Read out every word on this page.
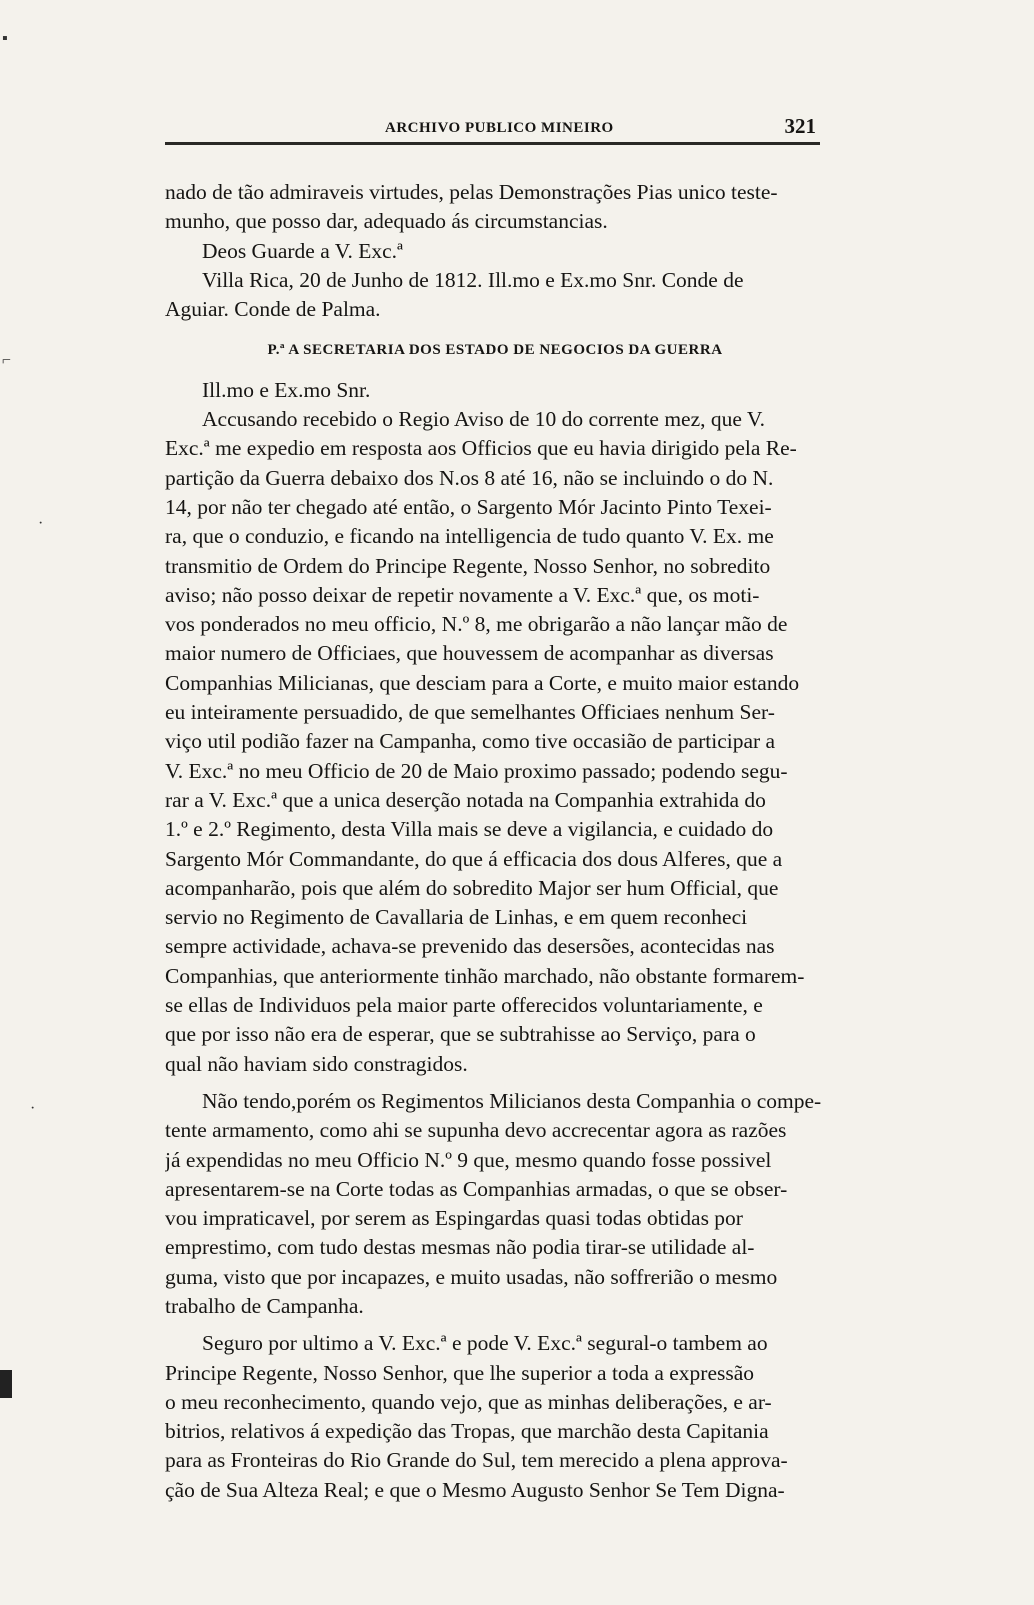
ARCHIVO PUBLICO MINEIRO	321
▪
⌐
·
·
nado de tão admiraveis virtudes, pelas Demonstrações Pias unico teste-
munho, que posso dar, adequado ás circumstancias.
Deos Guarde a V. Exc.ª
Villa Rica, 20 de Junho de 1812. Ill.mo e Ex.mo Snr. Conde de
Aguiar. Conde de Palma.
P.ª A SECRETARIA DOS ESTADO DE NEGOCIOS DA GUERRA
Ill.mo e Ex.mo Snr.
Accusando recebido o Regio Aviso de 10 do corrente mez, que V.
Exc.ª me expedio em resposta aos Officios que eu havia dirigido pela Re-
partição da Guerra debaixo dos N.os 8 até 16, não se incluindo o do N.
14, por não ter chegado até então, o Sargento Mór Jacinto Pinto Texei-
ra, que o conduzio, e ficando na intelligencia de tudo quanto V. Ex. me
transmitio de Ordem do Principe Regente, Nosso Senhor, no sobredito
aviso; não posso deixar de repetir novamente a V. Exc.ª que, os moti-
vos ponderados no meu officio, N.º 8, me obrigarão a não lançar mão de
maior numero de Officiaes, que houvessem de acompanhar as diversas
Companhias Milicianas, que desciam para a Corte, e muito maior estando
eu inteiramente persuadido, de que semelhantes Officiaes nenhum Ser-
viço util podião fazer na Campanha, como tive occasião de participar a
V. Exc.ª no meu Officio de 20 de Maio proximo passado; podendo segu-
rar a V. Exc.ª que a unica deserção notada na Companhia extrahida do
1.º e 2.º Regimento, desta Villa mais se deve a vigilancia, e cuidado do
Sargento Mór Commandante, do que á efficacia dos dous Alferes, que a
acompanharão, pois que além do sobredito Major ser hum Official, que
servio no Regimento de Cavallaria de Linhas, e em quem reconheci
sempre actividade, achava-se prevenido das desersões, acontecidas nas
Companhias, que anteriormente tinhão marchado, não obstante formarem-
se ellas de Individuos pela maior parte offerecidos voluntariamente, e
que por isso não era de esperar, que se subtrahisse ao Serviço, para o
qual não haviam sido constragidos.
Não tendo,porém os Regimentos Milicianos desta Companhia o compe-
tente armamento, como ahi se supunha devo accrecentar agora as razões
já expendidas no meu Officio N.º 9 que, mesmo quando fosse possivel
apresentarem-se na Corte todas as Companhias armadas, o que se obser-
vou impraticavel, por serem as Espingardas quasi todas obtidas por
emprestimo, com tudo destas mesmas não podia tirar-se utilidade al-
guma, visto que por incapazes, e muito usadas, não soffrerião o mesmo
trabalho de Campanha.
Seguro por ultimo a V. Exc.ª e pode V. Exc.ª segural-o tambem ao
Principe Regente, Nosso Senhor, que lhe superior a toda a expressão
o meu reconhecimento, quando vejo, que as minhas deliberações, e ar-
bitrios, relativos á expedição das Tropas, que marchão desta Capitania
para as Fronteiras do Rio Grande do Sul, tem merecido a plena approva-
ção de Sua Alteza Real; e que o Mesmo Augusto Senhor Se Tem Digna-
